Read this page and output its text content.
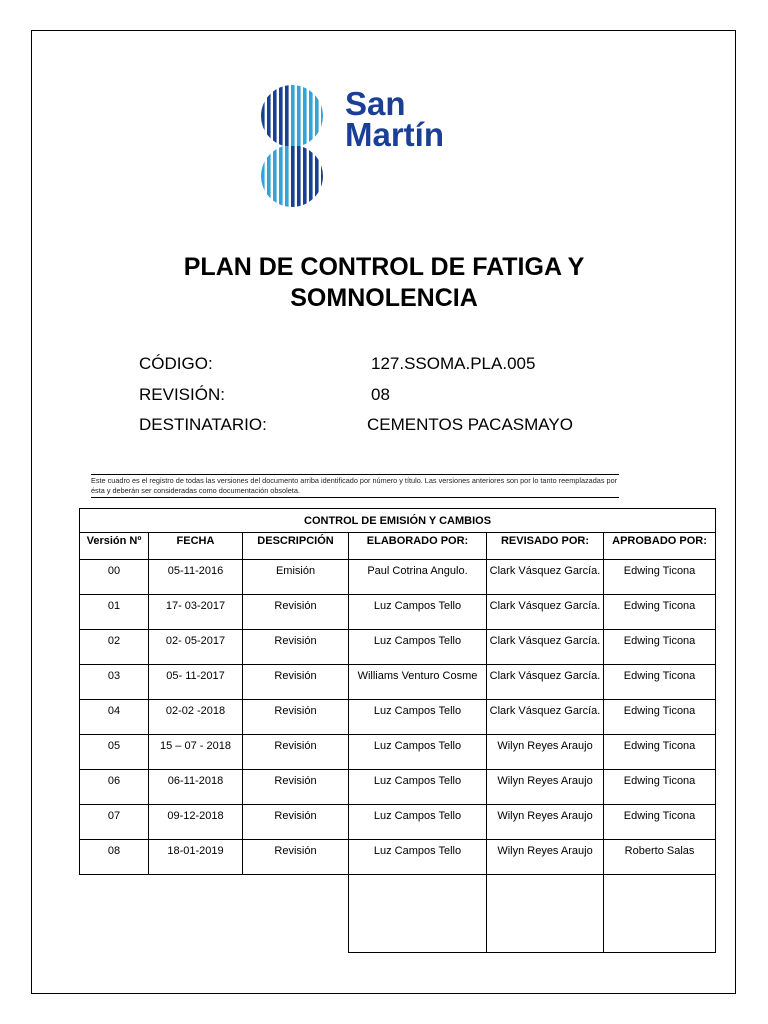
San
Martín
PLAN DE CONTROL DE FATIGA Y
SOMNOLENCIA
CÓDIGO:	127.SSOMA.PLA.005
REVISIÓN:	08
DESTINATARIO:	CEMENTOS PACASMAYO
Este cuadro es el registro de todas las versiones del documento arriba identificado por número y título. Las versiones anteriores son por lo tanto reemplazadas por ésta y deberán ser consideradas como documentación obsoleta.
CONTROL DE EMISIÓN Y CAMBIOS					
Versión Nº	FECHA	DESCRIPCIÓN	ELABORADO POR:	REVISADO POR:	APROBADO POR:
00	05-11-2016	Emisión	Paul Cotrina Angulo.	Clark Vásquez García.	Edwing Ticona
01	17- 03-2017	Revisión	Luz Campos Tello	Clark Vásquez García.	Edwing Ticona
02	02- 05-2017	Revisión	Luz Campos Tello	Clark Vásquez García.	Edwing Ticona
03	05- 11-2017	Revisión	Williams Venturo Cosme	Clark Vásquez García.	Edwing Ticona
04	02-02 -2018	Revisión	Luz Campos Tello	Clark Vásquez García.	Edwing Ticona
05	15 – 07 - 2018	Revisión	Luz Campos Tello	Wilyn Reyes Araujo	Edwing Ticona
06	06-11-2018	Revisión	Luz Campos Tello	Wilyn Reyes Araujo	Edwing Ticona
07	09-12-2018	Revisión	Luz Campos Tello	Wilyn Reyes Araujo	Edwing Ticona
08	18-01-2019	Revisión	Luz Campos Tello	Wilyn Reyes Araujo	Roberto Salas
